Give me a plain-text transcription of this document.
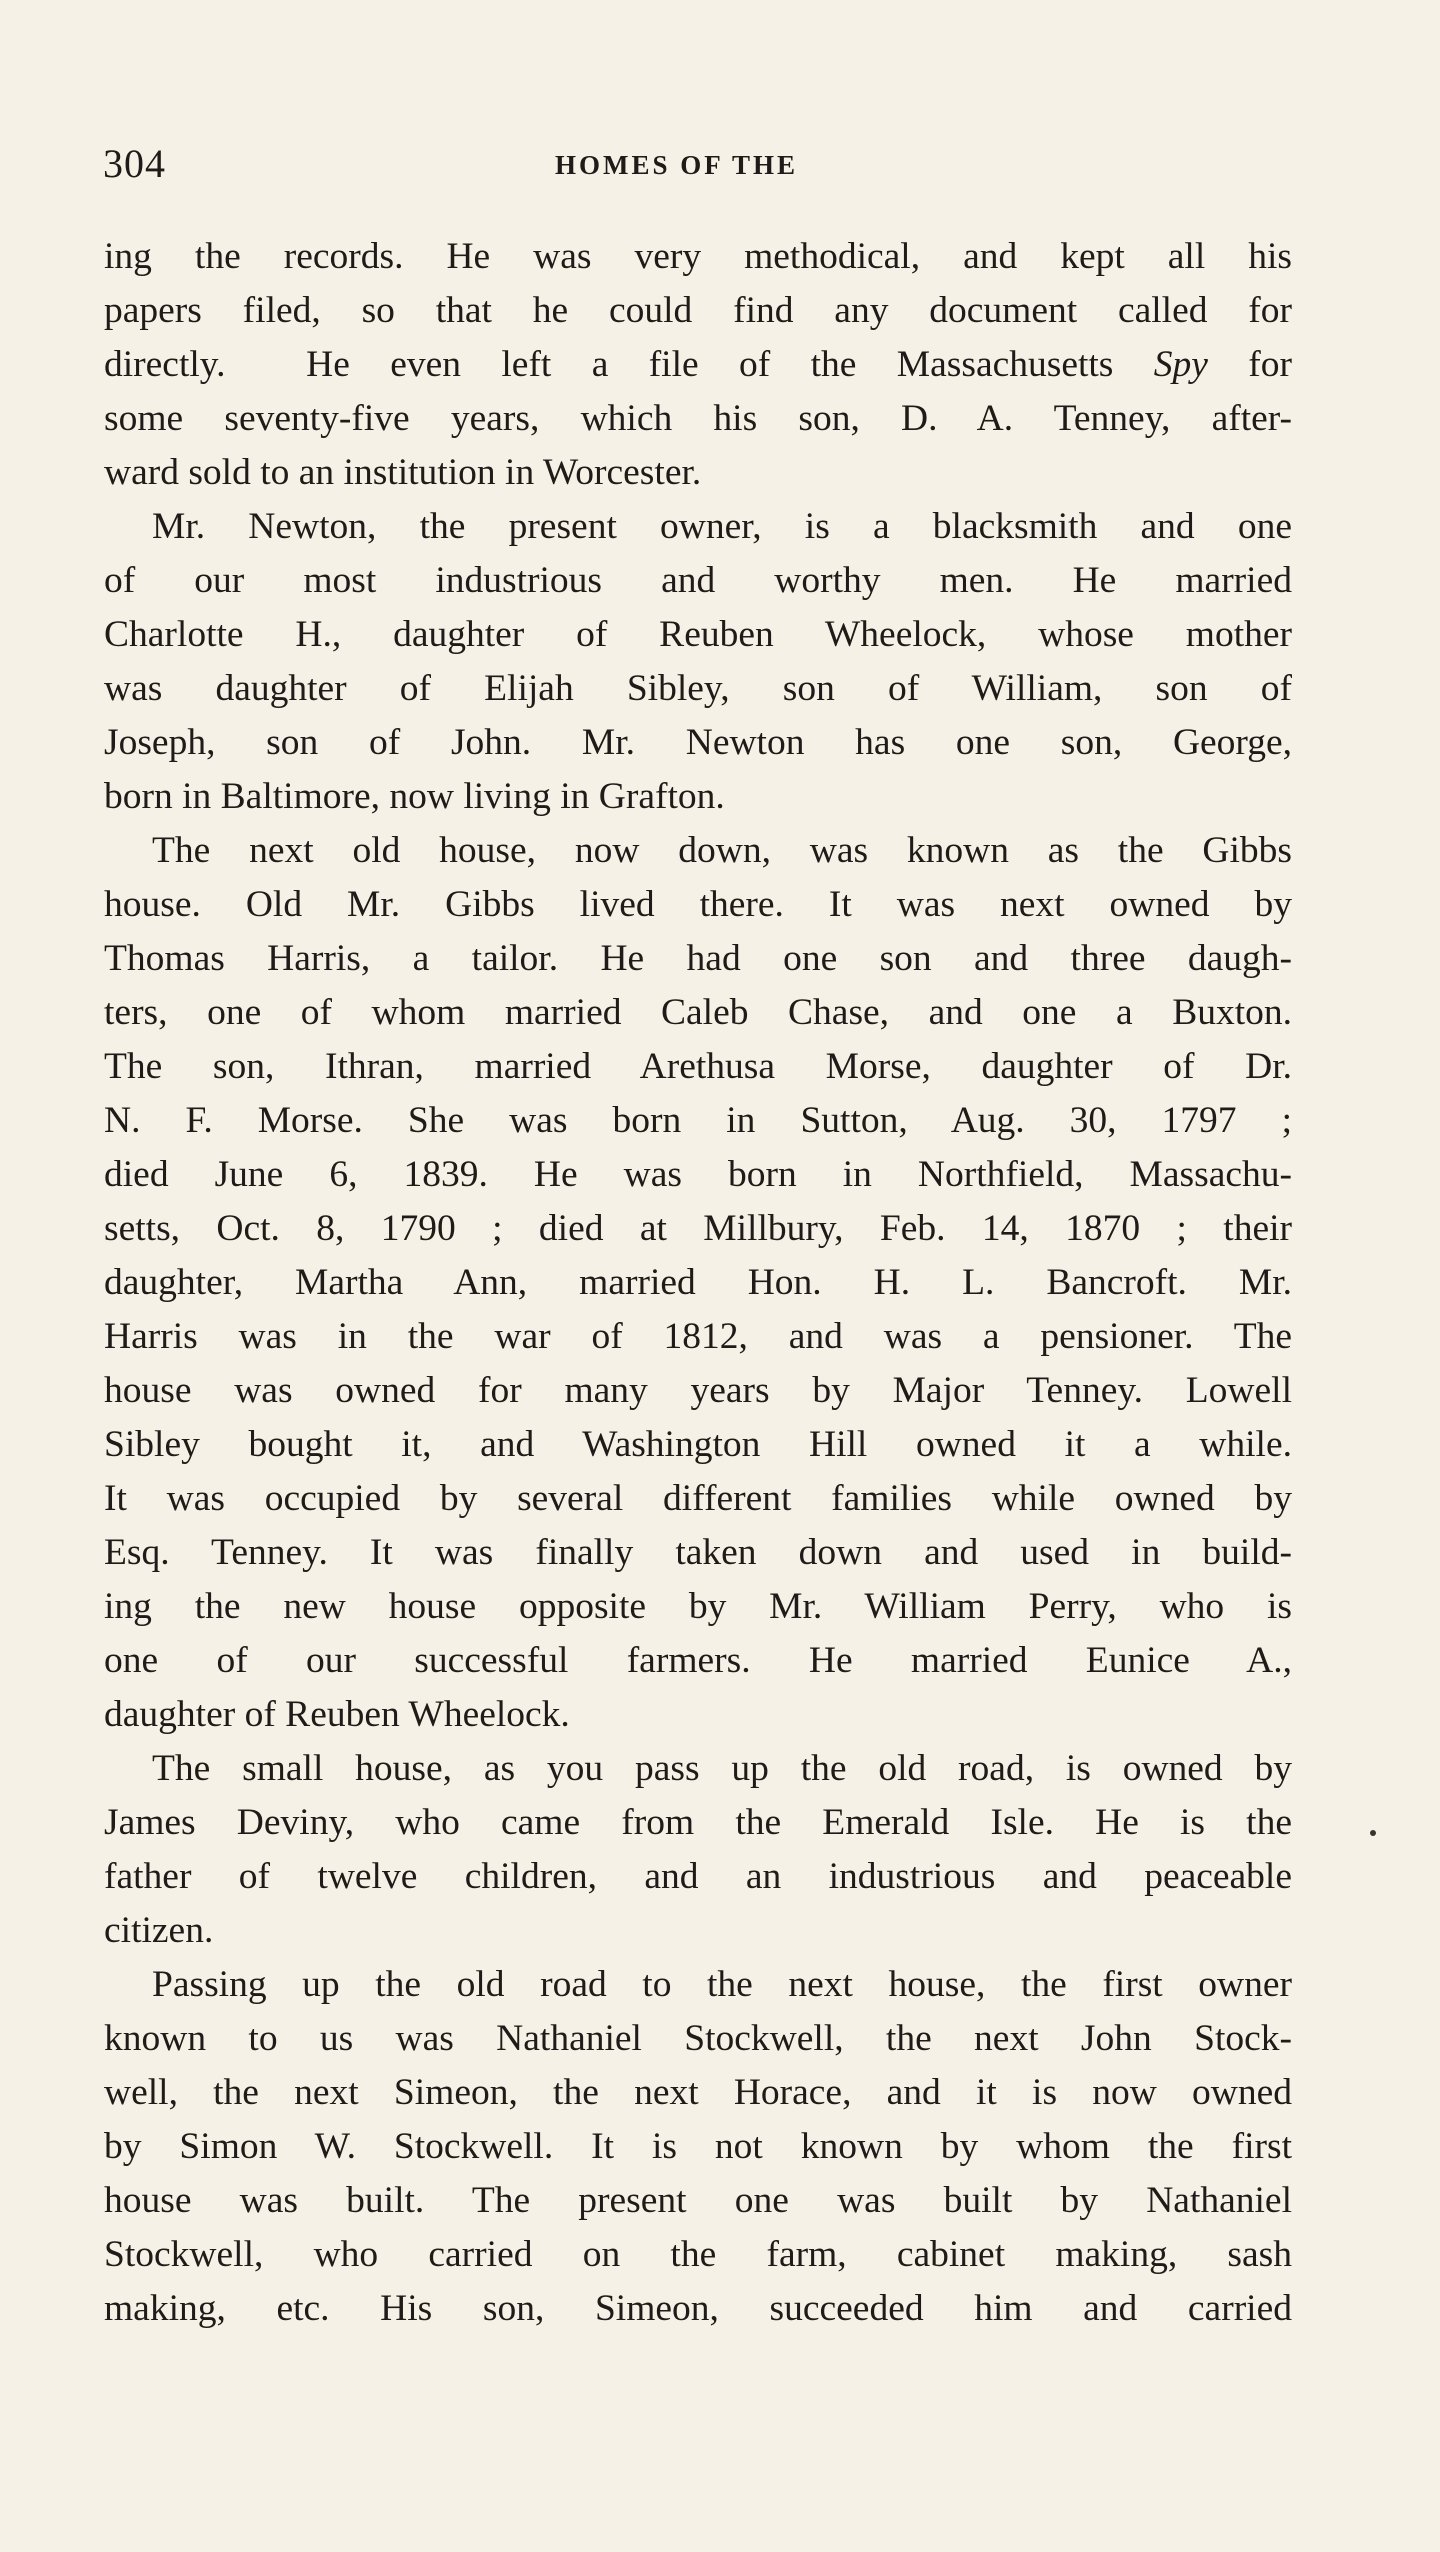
304	HOMES OF THE
ing the records. He was very methodical, and kept all his
papers filed, so that he could find any document called for
directly.  He even left a file of the Massachusetts Spy for
some seventy-five years, which his son, D. A. Tenney, after-
ward sold to an institution in Worcester.
Mr. Newton, the present owner, is a blacksmith and one
of our most industrious and worthy men. He married
Charlotte H., daughter of Reuben Wheelock, whose mother
was daughter of Elijah Sibley, son of William, son of
Joseph, son of John. Mr. Newton has one son, George,
born in Baltimore, now living in Grafton.
The next old house, now down, was known as the Gibbs
house. Old Mr. Gibbs lived there. It was next owned by
Thomas Harris, a tailor. He had one son and three daugh-
ters, one of whom married Caleb Chase, and one a Buxton.
The son, Ithran, married Arethusa Morse, daughter of Dr.
N. F. Morse. She was born in Sutton, Aug. 30, 1797 ;
died June 6, 1839. He was born in Northfield, Massachu-
setts, Oct. 8, 1790 ; died at Millbury, Feb. 14, 1870 ; their
daughter, Martha Ann, married Hon. H. L. Bancroft. Mr.
Harris was in the war of 1812, and was a pensioner. The
house was owned for many years by Major Tenney. Lowell
Sibley bought it, and Washington Hill owned it a while.
It was occupied by several different families while owned by
Esq. Tenney. It was finally taken down and used in build-
ing the new house opposite by Mr. William Perry, who is
one of our successful farmers. He married Eunice A.,
daughter of Reuben Wheelock.
The small house, as you pass up the old road, is owned by
James Deviny, who came from the Emerald Isle. He is the
father of twelve children, and an industrious and peaceable
citizen.
Passing up the old road to the next house, the first owner
known to us was Nathaniel Stockwell, the next John Stock-
well, the next Simeon, the next Horace, and it is now owned
by Simon W. Stockwell. It is not known by whom the first
house was built. The present one was built by Nathaniel
Stockwell, who carried on the farm, cabinet making, sash
making, etc. His son, Simeon, succeeded him and carried
